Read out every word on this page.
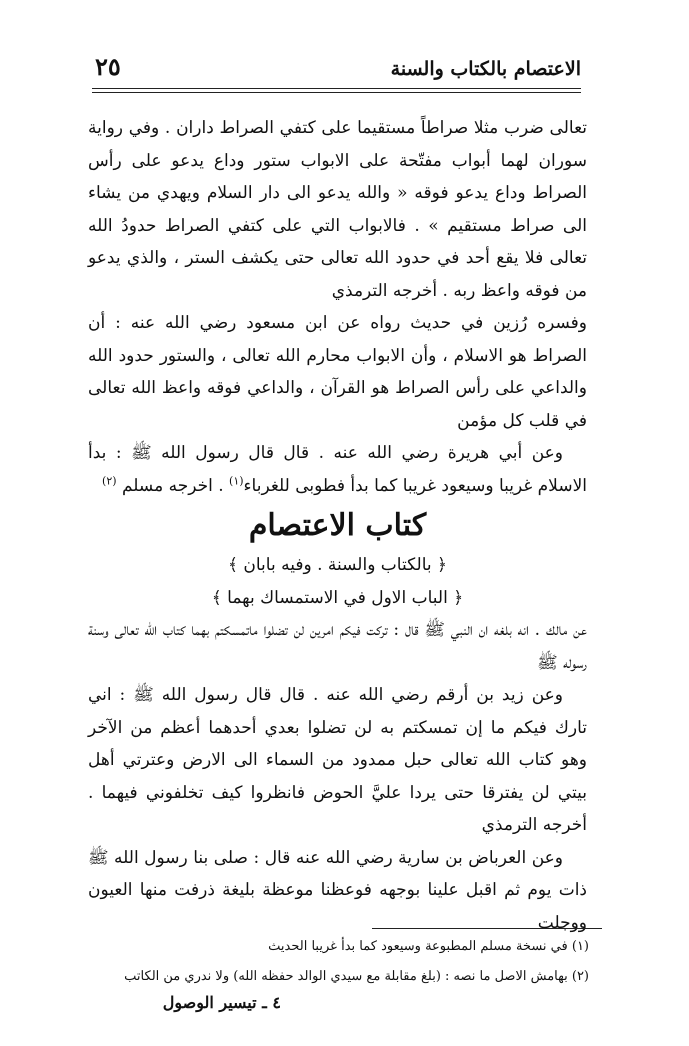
الاعتصام بالكتاب والسنة
٢٥

تعالى ضرب مثلا صراطاً مستقيما على كتفي الصراط داران . وفي رواية سوران لهما أبواب مفتّحة على الابواب ستور وداع يدعو على رأس الصراط وداع يدعو فوقه « والله يدعو الى دار السلام ويهدي من يشاء الى صراط مستقيم » . فالابواب التي على كتفي الصراط حدودُ الله تعالى فلا يقع أحد في حدود الله تعالى حتى يكشف الستر ، والذي يدعو من فوقه واعظ ربه . أخرجه الترمذي

وفسره رُزين في حديث رواه عن ابن مسعود رضي الله عنه : أن الصراط هو الاسلام ، وأن الابواب محارم الله تعالى ، والستور حدود الله والداعي على رأس الصراط هو القرآن ، والداعي فوقه واعظ الله تعالى في قلب كل مؤمن

وعن أبي هريرة رضي الله عنه . قال قال رسول الله ﷺ : بدأ الاسلام غريبا وسيعود غريبا كما بدأ فطوبى للغرباء$^{(١)}$ . اخرجه مسلم $^{(٢)}$

كتاب الاعتصام

﴿ بالكتاب والسنة . وفيه بابان ﴾

﴿ الباب الاول في الاستمساك بهما ﴾

عن مالك . انه بلغه ان النبي ﷺ قال : تركت فيكم امرين لن تضلوا ماتمسكتم بهما كتاب الله تعالى وسنة رسوله ﷺ

وعن زيد بن أرقم رضي الله عنه . قال قال رسول الله ﷺ : اني تارك فيكم ما إن تمسكتم به لن تضلوا بعدي أحدهما أعظم من الآخر وهو كتاب الله تعالى حبل ممدود من السماء الى الارض وعترتي أهل بيتي لن يفترقا حتى يردا عليَّ الحوض فانظروا كيف تخلفوني فيهما . أخرجه الترمذي

وعن العرباض بن سارية رضي الله عنه قال : صلى بنا رسول الله ﷺ ذات يوم ثم اقبل علينا بوجهه فوعظنا موعظة بليغة ذرفت منها العيون ووجلت

(١) في نسخة مسلم المطبوعة وسيعود كما بدأ غريبا الحديث

(٢) بهامش الاصل ما نصه : (بلغ مقابلة مع سيدي الوالد حفظه الله) ولا ندري من الكاتب

٤ ـ تيسير الوصول
